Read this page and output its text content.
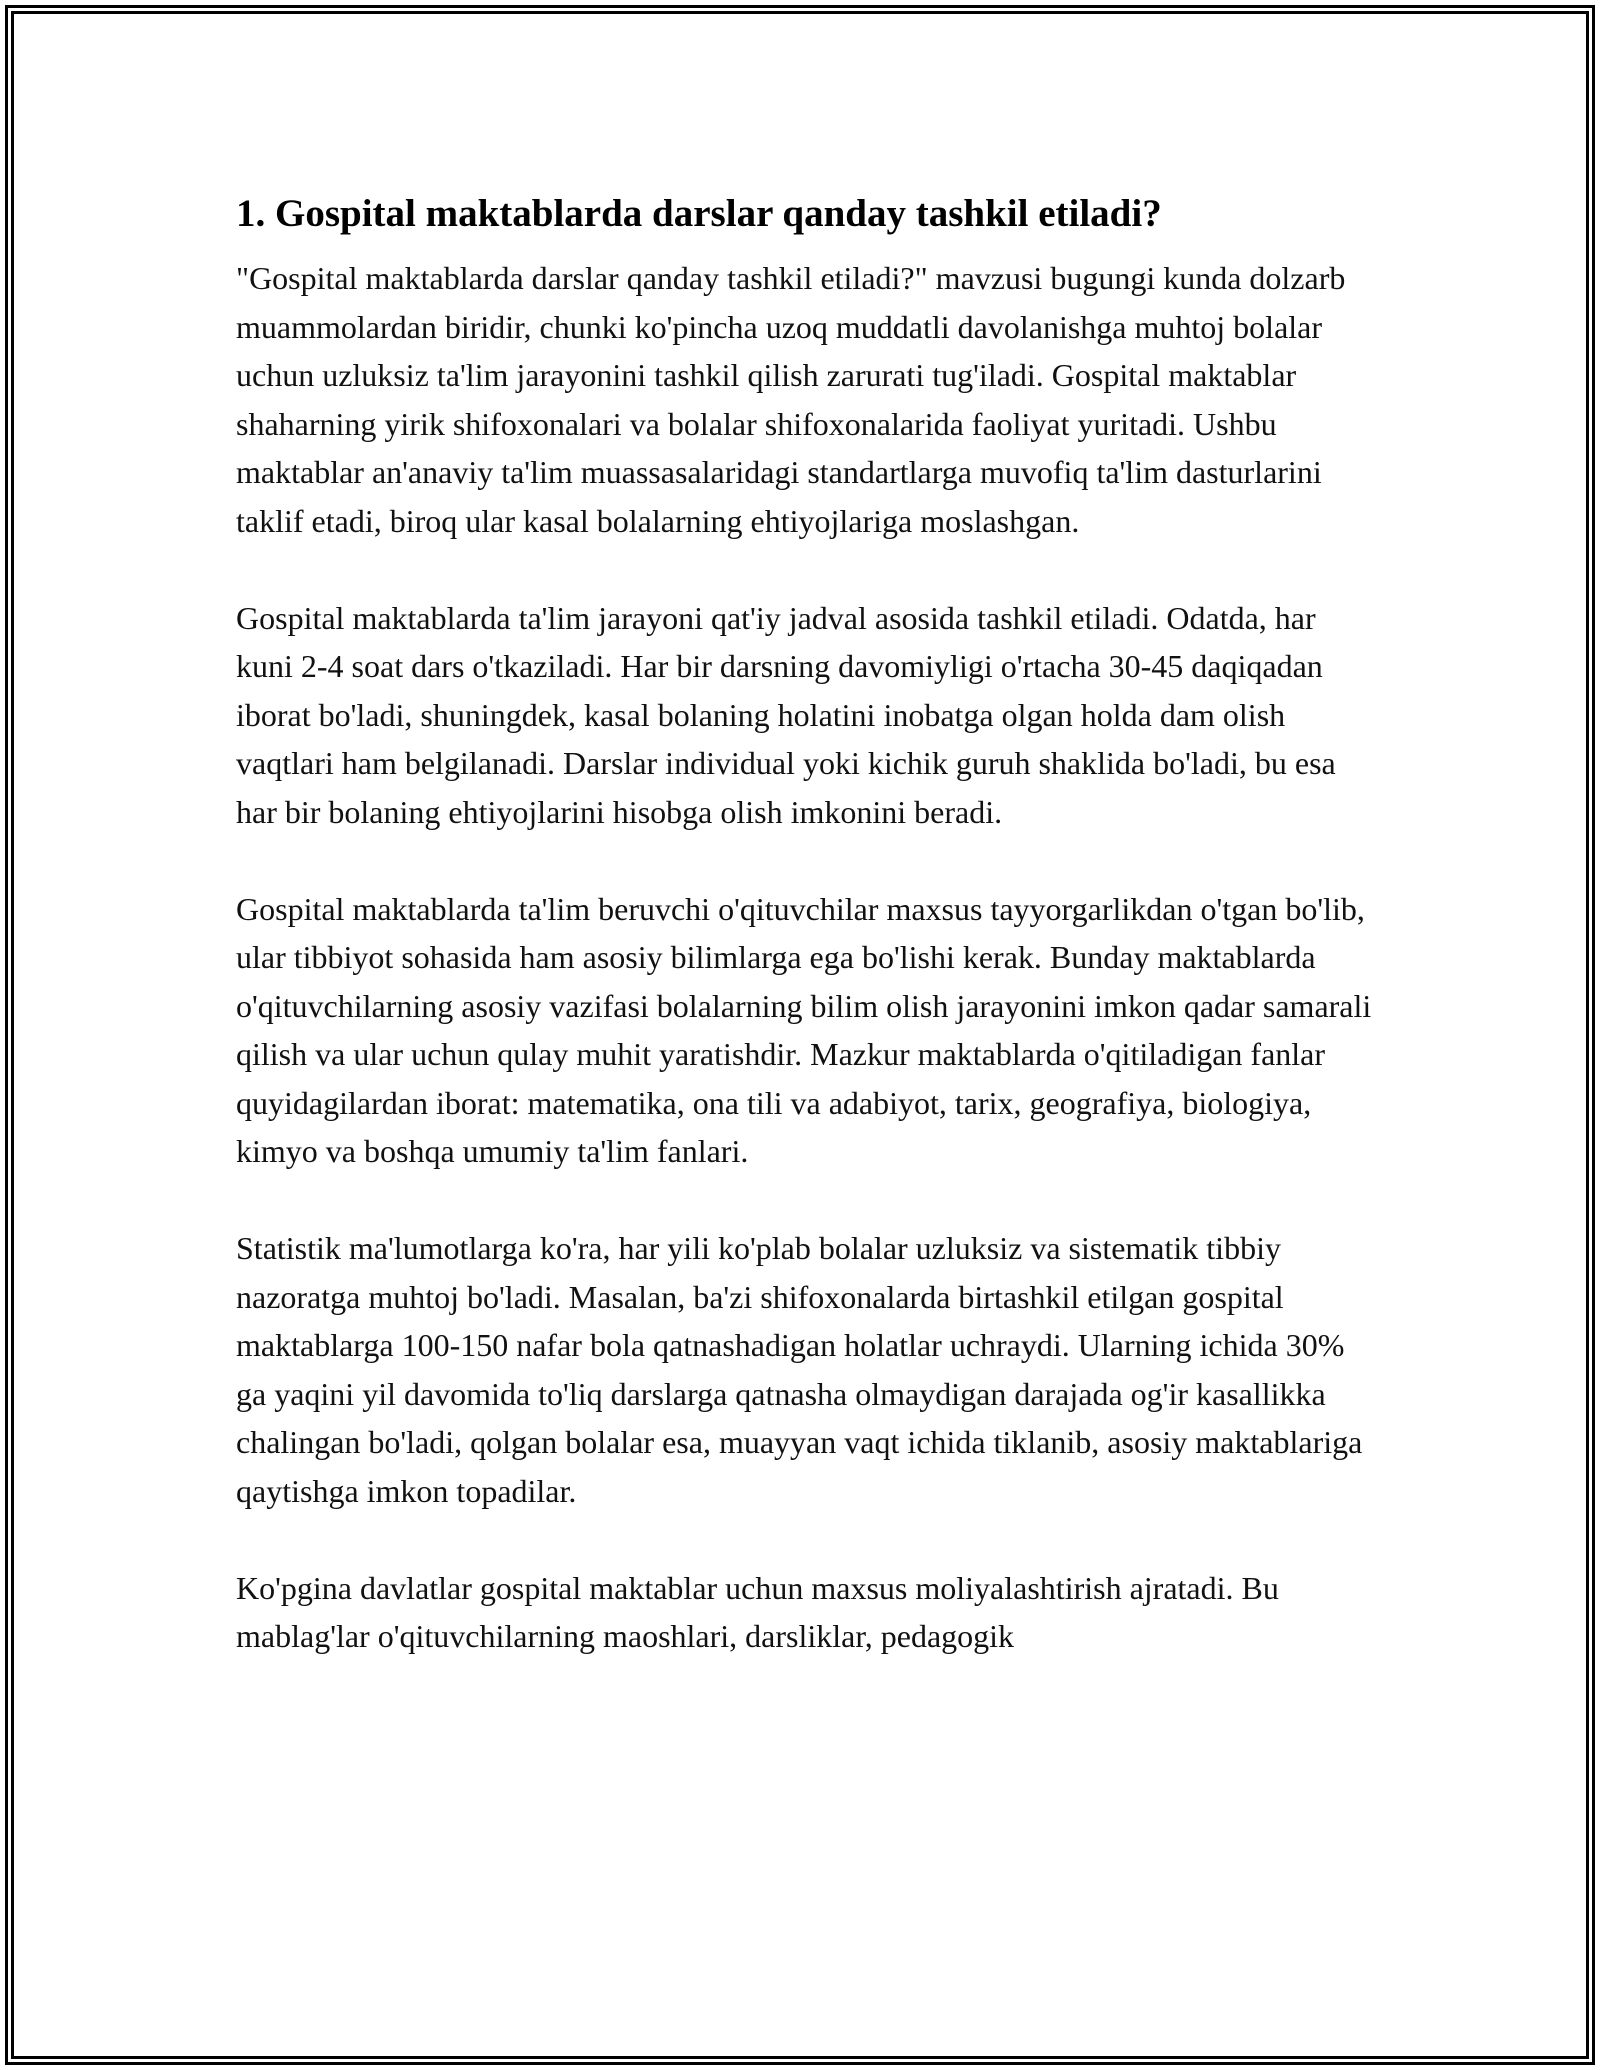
1. Gospital maktablarda darslar qanday tashkil etiladi?

"Gospital maktablarda darslar qanday tashkil etiladi?" mavzusi bugungi kunda dolzarb muammolardan biridir, chunki ko'pincha uzoq muddatli davolanishga muhtoj bolalar uchun uzluksiz ta'lim jarayonini tashkil qilish zarurati tug'iladi. Gospital maktablar shaharning yirik shifoxonalari va bolalar shifoxonalarida faoliyat yuritadi. Ushbu maktablar an'anaviy ta'lim muassasalaridagi standartlarga muvofiq ta'lim dasturlarini taklif etadi, biroq ular kasal bolalarning ehtiyojlariga moslashgan.

Gospital maktablarda ta'lim jarayoni qat'iy jadval asosida tashkil etiladi. Odatda, har kuni 2-4 soat dars o'tkaziladi. Har bir darsning davomiyligi o'rtacha 30-45 daqiqadan iborat bo'ladi, shuningdek, kasal bolaning holatini inobatga olgan holda dam olish vaqtlari ham belgilanadi. Darslar individual yoki kichik guruh shaklida bo'ladi, bu esa har bir bolaning ehtiyojlarini hisobga olish imkonini beradi.

Gospital maktablarda ta'lim beruvchi o'qituvchilar maxsus tayyorgarlikdan o'tgan bo'lib, ular tibbiyot sohasida ham asosiy bilimlarga ega bo'lishi kerak. Bunday maktablarda o'qituvchilarning asosiy vazifasi bolalarning bilim olish jarayonini imkon qadar samarali qilish va ular uchun qulay muhit yaratishdir. Mazkur maktablarda o'qitiladigan fanlar quyidagilardan iborat: matematika, ona tili va adabiyot, tarix, geografiya, biologiya, kimyo va boshqa umumiy ta'lim fanlari.

Statistik ma'lumotlarga ko'ra, har yili ko'plab bolalar uzluksiz va sistematik tibbiy nazoratga muhtoj bo'ladi. Masalan, ba'zi shifoxonalarda birtashkil etilgan gospital maktablarga 100-150 nafar bola qatnashadigan holatlar uchraydi. Ularning ichida 30% ga yaqini yil davomida to'liq darslarga qatnasha olmaydigan darajada og'ir kasallikka chalingan bo'ladi, qolgan bolalar esa, muayyan vaqt ichida tiklanib, asosiy maktablariga qaytishga imkon topadilar.

Ko'pgina davlatlar gospital maktablar uchun maxsus moliyalashtirish ajratadi. Bu mablag'lar o'qituvchilarning maoshlari, darsliklar, pedagogik
